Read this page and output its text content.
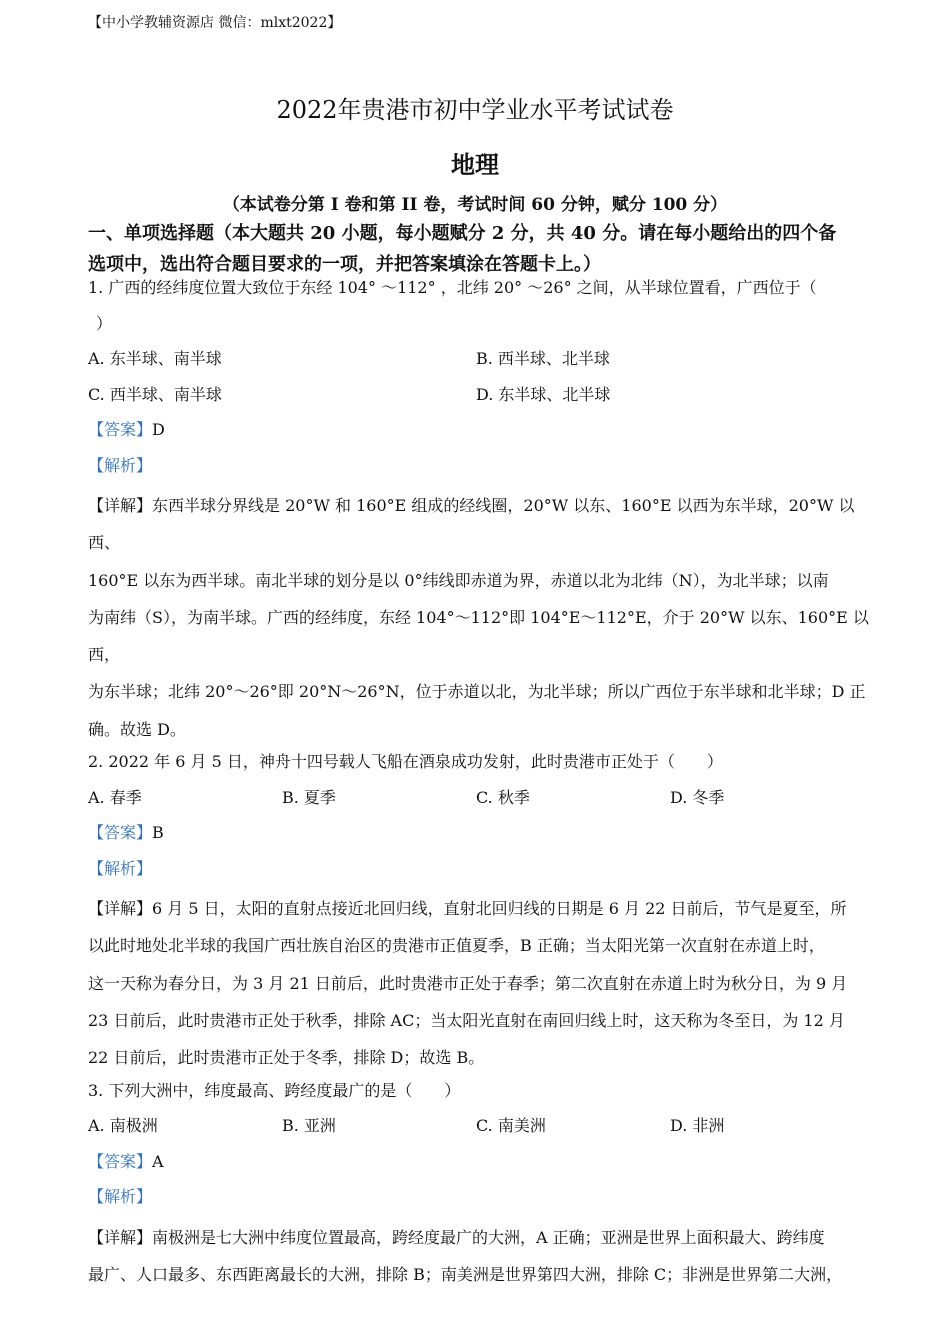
【中小学教辅资源店 微信：mlxt2022】
2022年贵港市初中学业水平考试试卷
地理
（本试卷分第 I 卷和第 II 卷，考试时间 60 分钟，赋分 100 分）
一、单项选择题（本大题共 20 小题，每小题赋分 2 分，共 40 分。请在每小题给出的四个备
选项中，选出符合题目要求的一项，并把答案填涂在答题卡上。）
1. 广西的经纬度位置大致位于东经 104° ～112° ，北纬 20° ～26° 之间，从半球位置看，广西位于（
）
A. 东半球、南半球	B. 西半球、北半球
C. 西半球、南半球	D. 东半球、北半球
【答案】D
【解析】
【详解】东西半球分界线是 20°W 和 160°E 组成的经线圈，20°W 以东、160°E 以西为东半球，20°W 以西、
160°E 以东为西半球。南北半球的划分是以 0°纬线即赤道为界，赤道以北为北纬（N），为北半球；以南
为南纬（S），为南半球。广西的经纬度，东经 104°～112°即 104°E～112°E，介于 20°W 以东、160°E 以西，
为东半球；北纬 20°～26°即 20°N～26°N，位于赤道以北，为北半球；所以广西位于东半球和北半球；D 正
确。故选 D。
2. 2022 年 6 月 5 日，神舟十四号载人飞船在酒泉成功发射，此时贵港市正处于（　　）
A. 春季	B. 夏季	C. 秋季	D. 冬季
【答案】B
【解析】
【详解】6 月 5 日，太阳的直射点接近北回归线，直射北回归线的日期是 6 月 22 日前后，节气是夏至，所
以此时地处北半球的我国广西壮族自治区的贵港市正值夏季，B 正确；当太阳光第一次直射在赤道上时，
这一天称为春分日，为 3 月 21 日前后，此时贵港市正处于春季；第二次直射在赤道上时为秋分日，为 9 月
23 日前后，此时贵港市正处于秋季，排除 AC；当太阳光直射在南回归线上时，这天称为冬至日，为 12 月
22 日前后，此时贵港市正处于冬季，排除 D；故选 B。
3. 下列大洲中，纬度最高、跨经度最广的是（　　）
A. 南极洲	B. 亚洲	C. 南美洲	D. 非洲
【答案】A
【解析】
【详解】南极洲是七大洲中纬度位置最高，跨经度最广的大洲，A 正确；亚洲是世界上面积最大、跨纬度
最广、人口最多、东西距离最长的大洲，排除 B；南美洲是世界第四大洲，排除 C；非洲是世界第二大洲，
